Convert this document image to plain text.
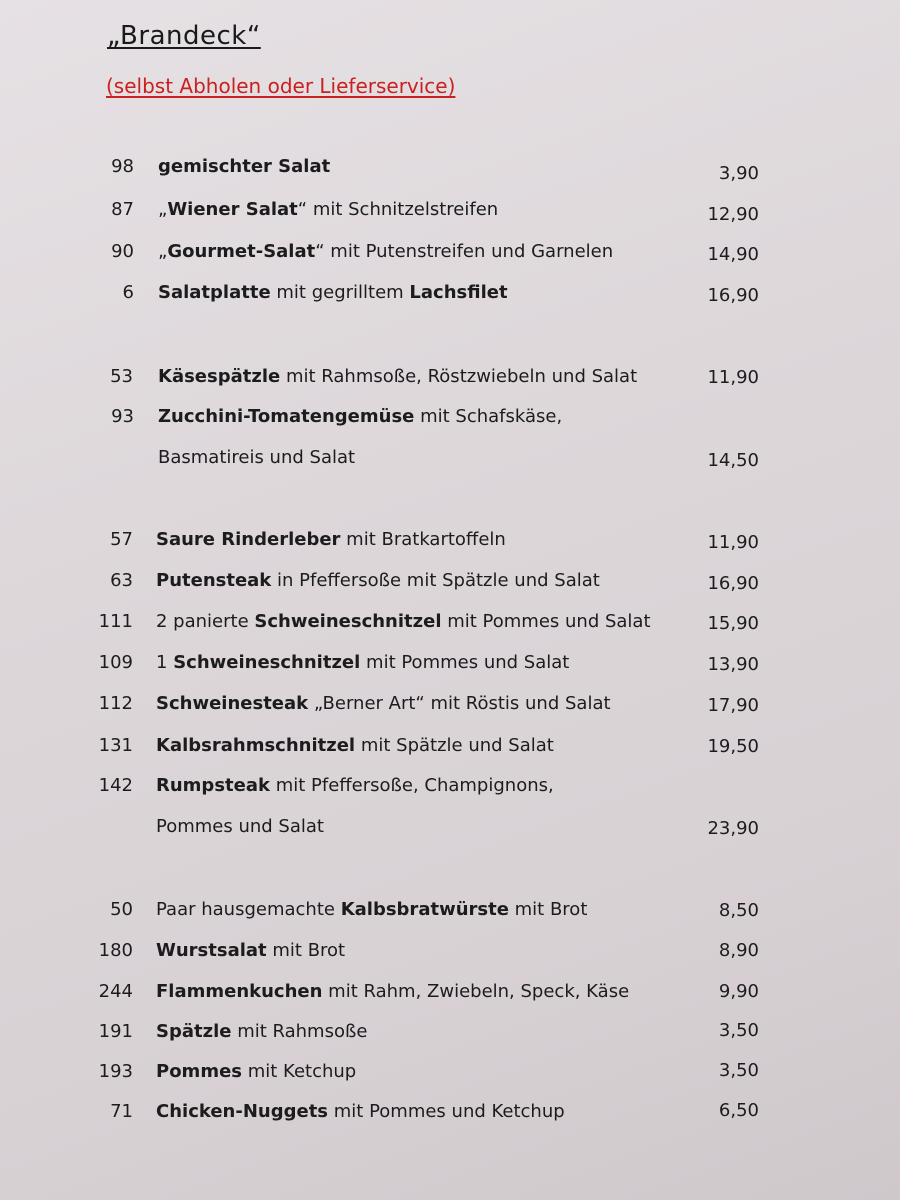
„Brandeck“

(selbst Abholen oder Lieferservice)

98 gemischter Salat	3,90
87 „Wiener Salat“ mit Schnitzelstreifen	12,90
90 „Gourmet-Salat“ mit Putenstreifen und Garnelen	14,90
6 Salatplatte mit gegrilltem Lachsfilet	16,90
53 Käsespätzle mit Rahmsoße, Röstzwiebeln und Salat	11,90
93 Zucchini-Tomatengemüse mit Schafskäse,
Basmatireis und Salat	14,50
57 Saure Rinderleber mit Bratkartoffeln	11,90
63 Putensteak in Pfeffersoße mit Spätzle und Salat	16,90
111 2 panierte Schweineschnitzel mit Pommes und Salat	15,90
109 1 Schweineschnitzel mit Pommes und Salat	13,90
112 Schweinesteak „Berner Art“ mit Röstis und Salat	17,90
131 Kalbsrahmschnitzel mit Spätzle und Salat	19,50
142 Rumpsteak mit Pfeffersoße, Champignons,
Pommes und Salat	23,90
50 Paar hausgemachte Kalbsbratwürste mit Brot	8,50
180 Wurstsalat mit Brot	8,90
244 Flammenkuchen mit Rahm, Zwiebeln, Speck, Käse	9,90
191 Spätzle mit Rahmsoße	3,50
193 Pommes mit Ketchup	3,50
71 Chicken-Nuggets mit Pommes und Ketchup	6,50
